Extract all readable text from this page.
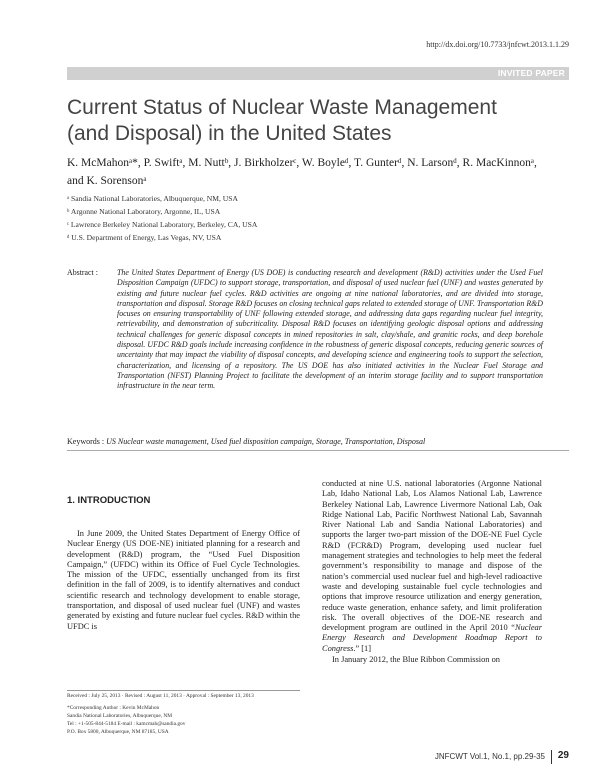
http://dx.doi.org/10.7733/jnfcwt.2013.1.1.29
INVITED PAPER
Current Status of Nuclear Waste Management (and Disposal) in the United States
K. McMahonᵃ*, P. Swiftᵃ, M. Nuttᵇ, J. Birkholzerᶜ, W. Boyleᵈ, T. Gunterᵈ, N. Larsonᵈ, R. MacKinnonᵃ, and K. Sorensonᵃ
ᵃ Sandia National Laboratories, Albuquerque, NM, USA
ᵇ Argonne National Laboratory, Argonne, IL, USA
ᶜ Lawrence Berkeley National Laboratory, Berkeley, CA, USA
ᵈ U.S. Department of Energy, Las Vegas, NV, USA
Abstract :	The United States Department of Energy (US DOE) is conducting research and development (R&D) activities under the Used Fuel Disposition Campaign (UFDC) to support storage, transportation, and disposal of used nuclear fuel (UNF) and wastes generated by existing and future nuclear fuel cycles. R&D activities are ongoing at nine national laboratories, and are divided into storage, transportation and disposal. Storage R&D focuses on closing technical gaps related to extended storage of UNF. Transportation R&D focuses on ensuring transportability of UNF following extended storage, and addressing data gaps regarding nuclear fuel integrity, retrievability, and demonstration of subcriticality. Disposal R&D focuses on identifying geologic disposal options and addressing technical challenges for generic disposal concepts in mined repositories in salt, clay/shale, and granitic rocks, and deep borehole disposal. UFDC R&D goals include increasing confidence in the robustness of generic disposal concepts, reducing generic sources of uncertainty that may impact the viability of disposal concepts, and developing science and engineering tools to support the selection, characterization, and licensing of a repository. The US DOE has also initiated activities in the Nuclear Fuel Storage and Transportation (NFST) Planning Project to facilitate the development of an interim storage facility and to support transportation infrastructure in the near term.
Keywords : US Nuclear waste management, Used fuel disposition campaign, Storage, Transportation, Disposal
1. INTRODUCTION

In June 2009, the United States Department of Energy Office of Nuclear Energy (US DOE-NE) initiated planning for a research and development (R&D) program, the “Used Fuel Disposition Campaign,” (UFDC) within its Office of Fuel Cycle Technologies. The mission of the UFDC, essentially unchanged from its first definition in the fall of 2009, is to identify alternatives and conduct scientific research and technology development to enable storage, transportation, and disposal of used nuclear fuel (UNF) and wastes generated by existing and future nuclear fuel cycles. R&D within the UFDC is

conducted at nine U.S. national laboratories (Argonne National Lab, Idaho National Lab, Los Alamos National Lab, Lawrence Berkeley National Lab, Lawrence Livermore National Lab, Oak Ridge National Lab, Pacific Northwest National Lab, Savannah River National Lab and Sandia National Laboratories) and supports the larger two-part mission of the DOE-NE Fuel Cycle R&D (FCR&D) Program, developing used nuclear fuel management strategies and technologies to help meet the federal government’s responsibility to manage and dispose of the nation’s commercial used nuclear fuel and high-level radioactive waste and developing sustainable fuel cycle technologies and options that improve resource utilization and energy generation, reduce waste generation, enhance safety, and limit proliferation risk. The overall objectives of the DOE-NE research and development program are outlined in the April 2010 “Nuclear Energy Research and Development Roadmap Report to Congress.” [1]

In January 2012, the Blue Ribbon Commission on

Received : July 25, 2013 · Revised : August 11, 2013 · Approval : September 13, 2013
*Corresponding Author : Kevin McMahon
Sandia National Laboratories, Albuquerque, NM
Tel : +1-505-844-5184 E-mail : kamcmah@sandia.gov
P.O. Box 5800, Albuquerque, NM 87185, USA
JNFCWT Vol.1, No.1, pp.29-35 29
